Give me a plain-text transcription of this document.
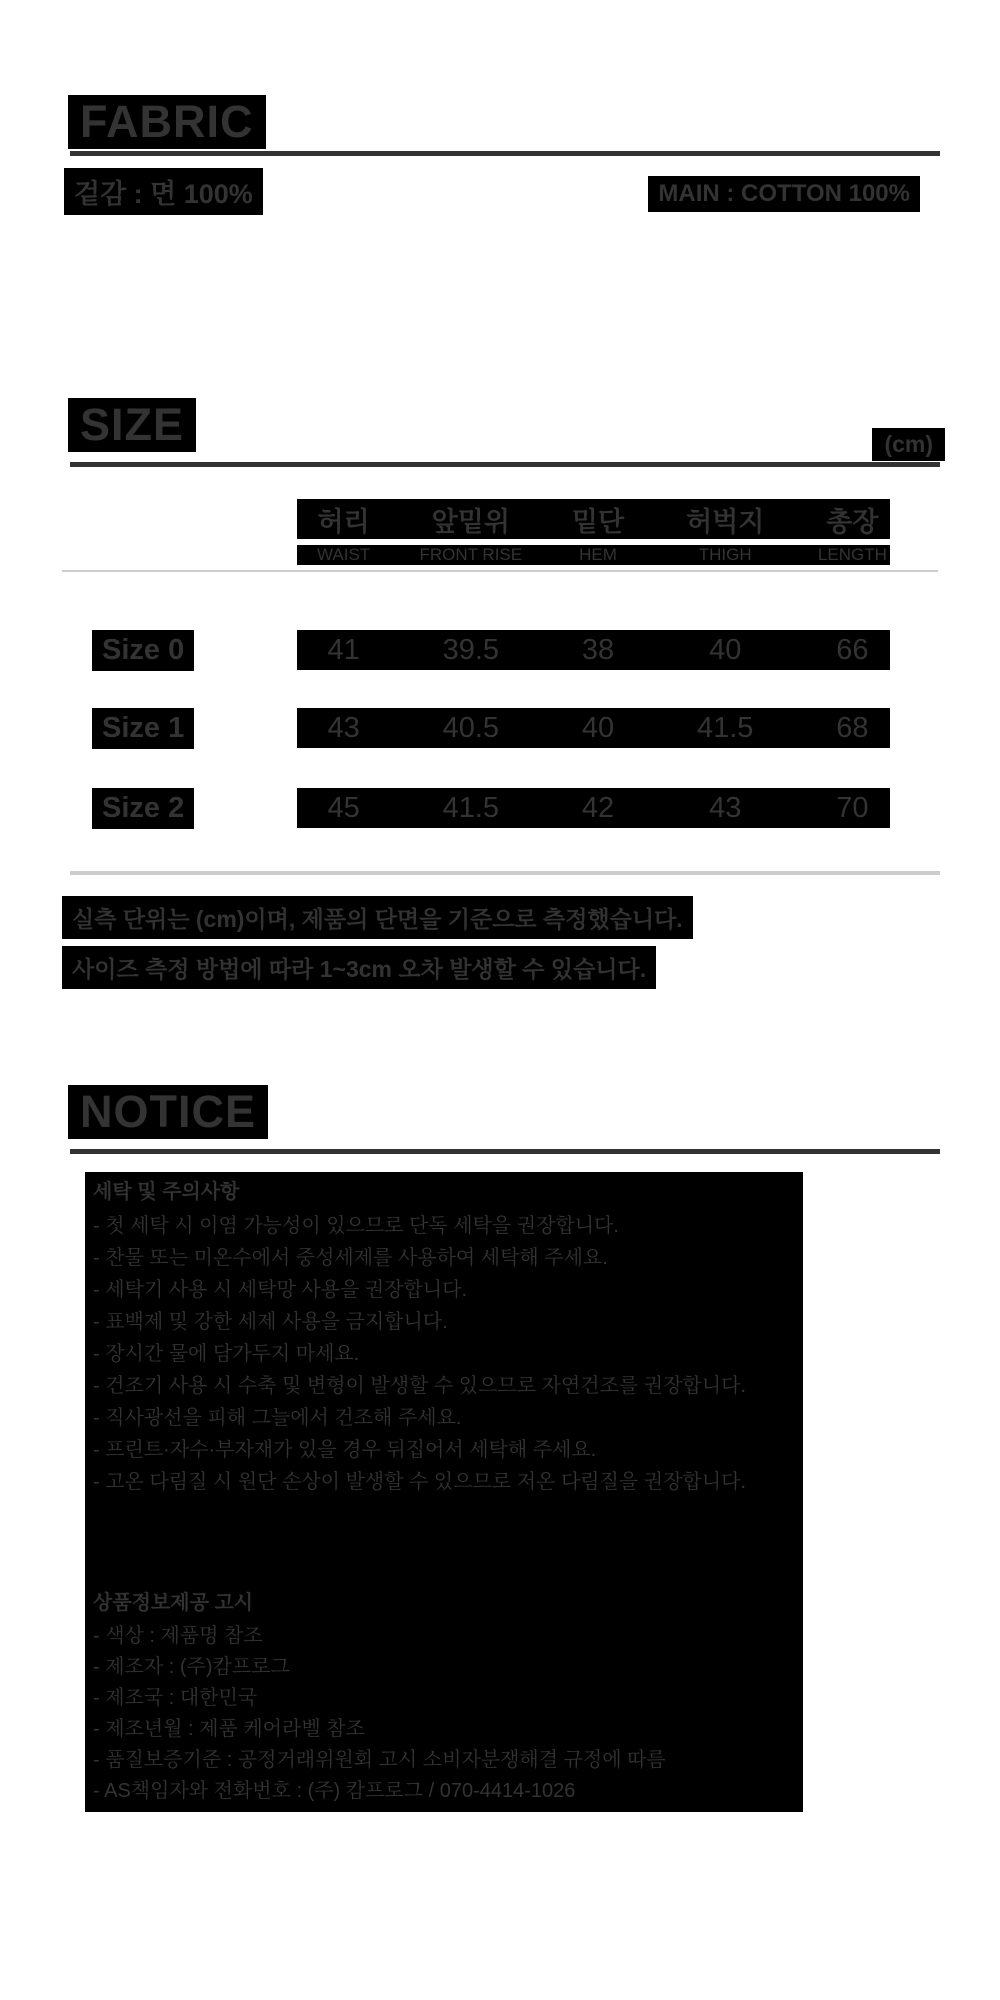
FABRIC
겉감 : 면 100%	MAIN : COTTON 100%
SIZE	(cm)
허리	앞밑위	밑단	허벅지	총장
WAIST	FRONT RISE	HEM	THIGH	LENGTH
Size 0	41	39.5	38	40	66
Size 1	43	40.5	40	41.5	68
Size 2	45	41.5	42	43	70
실측 단위는 (cm)이며, 제품의 단면을 기준으로 측정했습니다.
사이즈 측정 방법에 따라 1~3cm 오차 발생할 수 있습니다.
NOTICE
세탁 및 주의사항
- 첫 세탁 시 이염 가능성이 있으므로 단독 세탁을 권장합니다.
- 찬물 또는 미온수에서 중성세제를 사용하여 세탁해 주세요.
- 세탁기 사용 시 세탁망 사용을 권장합니다.
- 표백제 및 강한 세제 사용을 금지합니다.
- 장시간 물에 담가두지 마세요.
- 건조기 사용 시 수축 및 변형이 발생할 수 있으므로 자연건조를 권장합니다.
- 직사광선을 피해 그늘에서 건조해 주세요.
- 프린트·자수·부자재가 있을 경우 뒤집어서 세탁해 주세요.
- 고온 다림질 시 원단 손상이 발생할 수 있으므로 저온 다림질을 권장합니다.
상품정보제공 고시
- 색상 : 제품명 참조
- 제조자 : (주)캄프로그
- 제조국 : 대한민국
- 제조년월 : 제품 케어라벨 참조
- 품질보증기준 : 공정거래위원회 고시 소비자분쟁해결 규정에 따름
- AS책임자와 전화번호 : (주) 캄프로그 / 070-4414-1026
